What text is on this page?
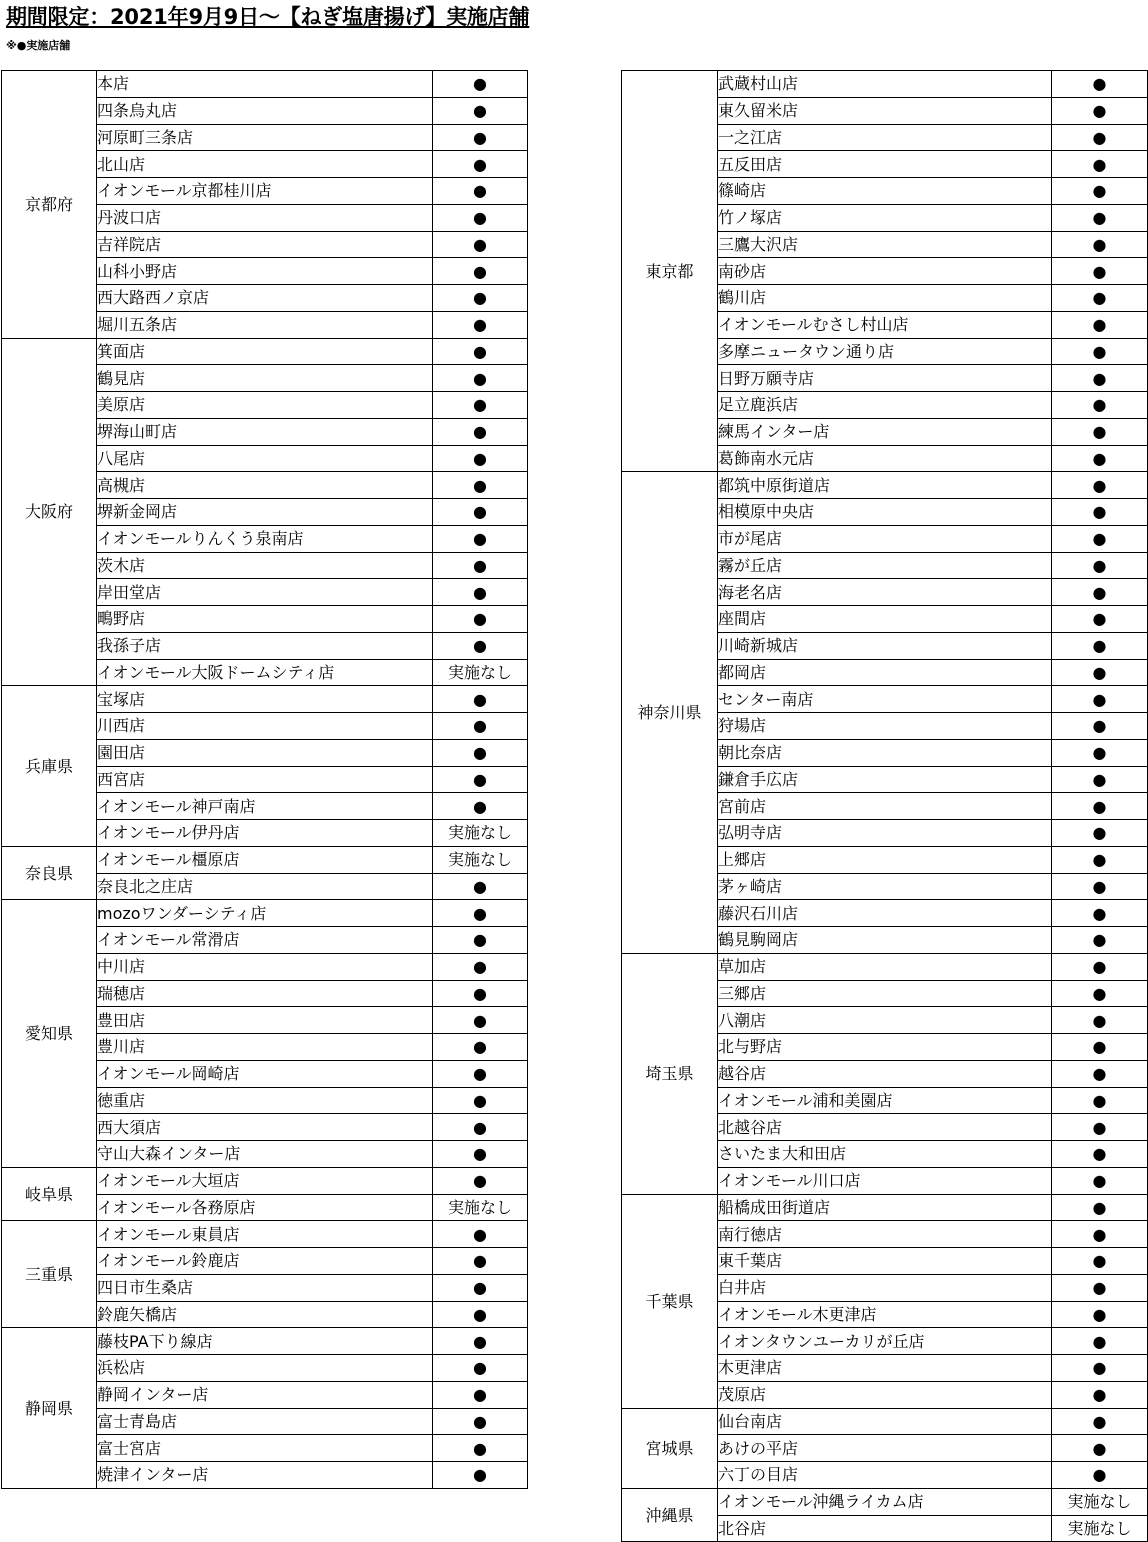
期間限定：2021年9月9日～【ねぎ塩唐揚げ】実施店舗
※●実施店舗
京都府	本店	●
	四条烏丸店	●
	河原町三条店	●
	北山店	●
	イオンモール京都桂川店	●
	丹波口店	●
	吉祥院店	●
	山科小野店	●
	西大路西ノ京店	●
	堀川五条店	●
大阪府	箕面店	●
	鶴見店	●
	美原店	●
	堺海山町店	●
	八尾店	●
	高槻店	●
	堺新金岡店	●
	イオンモールりんくう泉南店	●
	茨木店	●
	岸田堂店	●
	鴫野店	●
	我孫子店	●
	イオンモール大阪ドームシティ店	実施なし
兵庫県	宝塚店	●
	川西店	●
	園田店	●
	西宮店	●
	イオンモール神戸南店	●
	イオンモール伊丹店	実施なし
奈良県	イオンモール橿原店	実施なし
	奈良北之庄店	●
愛知県	mozoワンダーシティ店	●
	イオンモール常滑店	●
	中川店	●
	瑞穂店	●
	豊田店	●
	豊川店	●
	イオンモール岡崎店	●
	徳重店	●
	西大須店	●
	守山大森インター店	●
岐阜県	イオンモール大垣店	●
	イオンモール各務原店	実施なし
三重県	イオンモール東員店	●
	イオンモール鈴鹿店	●
	四日市生桑店	●
	鈴鹿矢橋店	●
静岡県	藤枝PA下り線店	●
	浜松店	●
	静岡インター店	●
	富士青島店	●
	富士宮店	●
	焼津インター店	●
東京都	武蔵村山店	●
	東久留米店	●
	一之江店	●
	五反田店	●
	篠崎店	●
	竹ノ塚店	●
	三鷹大沢店	●
	南砂店	●
	鶴川店	●
	イオンモールむさし村山店	●
	多摩ニュータウン通り店	●
	日野万願寺店	●
	足立鹿浜店	●
	練馬インター店	●
	葛飾南水元店	●
神奈川県	都筑中原街道店	●
	相模原中央店	●
	市が尾店	●
	霧が丘店	●
	海老名店	●
	座間店	●
	川崎新城店	●
	都岡店	●
	センター南店	●
	狩場店	●
	朝比奈店	●
	鎌倉手広店	●
	宮前店	●
	弘明寺店	●
	上郷店	●
	茅ヶ崎店	●
	藤沢石川店	●
	鶴見駒岡店	●
埼玉県	草加店	●
	三郷店	●
	八潮店	●
	北与野店	●
	越谷店	●
	イオンモール浦和美園店	●
	北越谷店	●
	さいたま大和田店	●
	イオンモール川口店	●
千葉県	船橋成田街道店	●
	南行徳店	●
	東千葉店	●
	白井店	●
	イオンモール木更津店	●
	イオンタウンユーカリが丘店	●
	木更津店	●
	茂原店	●
宮城県	仙台南店	●
	あけの平店	●
	六丁の目店	●
沖縄県	イオンモール沖縄ライカム店	実施なし
	北谷店	実施なし
